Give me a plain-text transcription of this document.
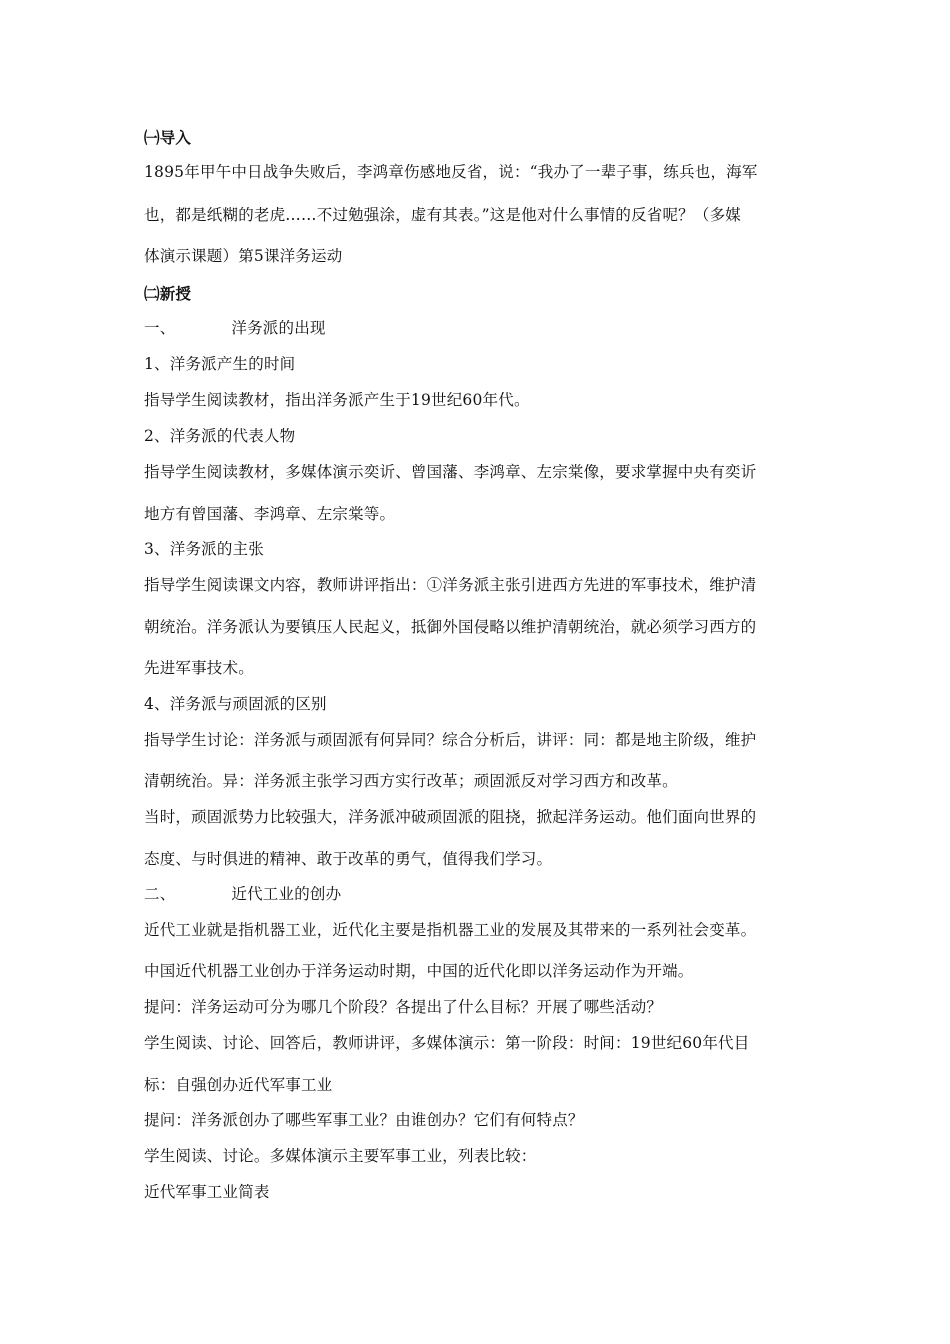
㈠导入
1895年甲午中日战争失败后，李鸿章伤感地反省，说：“我办了一辈子事，练兵也，海军
也，都是纸糊的老虎……不过勉强涂，虚有其表。”这是他对什么事情的反省呢？（多媒
体演示课题）第5课洋务运动
㈡新授
一、	洋务派的出现
1、洋务派产生的时间
指导学生阅读教材，指出洋务派产生于19世纪60年代。
2、洋务派的代表人物
指导学生阅读教材，多媒体演示奕䜣、曾国藩、李鸿章、左宗棠像，要求掌握中央有奕䜣
地方有曾国藩、李鸿章、左宗棠等。
3、洋务派的主张
指导学生阅读课文内容，教师讲评指出：①洋务派主张引进西方先进的军事技术，维护清
朝统治。洋务派认为要镇压人民起义，抵御外国侵略以维护清朝统治，就必须学习西方的
先进军事技术。
4、洋务派与顽固派的区别
指导学生讨论：洋务派与顽固派有何异同？综合分析后，讲评：同：都是地主阶级，维护
清朝统治。异：洋务派主张学习西方实行改革；顽固派反对学习西方和改革。
当时，顽固派势力比较强大，洋务派冲破顽固派的阻挠，掀起洋务运动。他们面向世界的
态度、与时俱进的精神、敢于改革的勇气，值得我们学习。
二、	近代工业的创办
近代工业就是指机器工业，近代化主要是指机器工业的发展及其带来的一系列社会变革。
中国近代机器工业创办于洋务运动时期，中国的近代化即以洋务运动作为开端。
提问：洋务运动可分为哪几个阶段？各提出了什么目标？开展了哪些活动？
学生阅读、讨论、回答后，教师讲评，多媒体演示：第一阶段：时间：19世纪60年代目
标：自强创办近代军事工业
提问：洋务派创办了哪些军事工业？由谁创办？它们有何特点？
学生阅读、讨论。多媒体演示主要军事工业，列表比较：
近代军事工业简表
